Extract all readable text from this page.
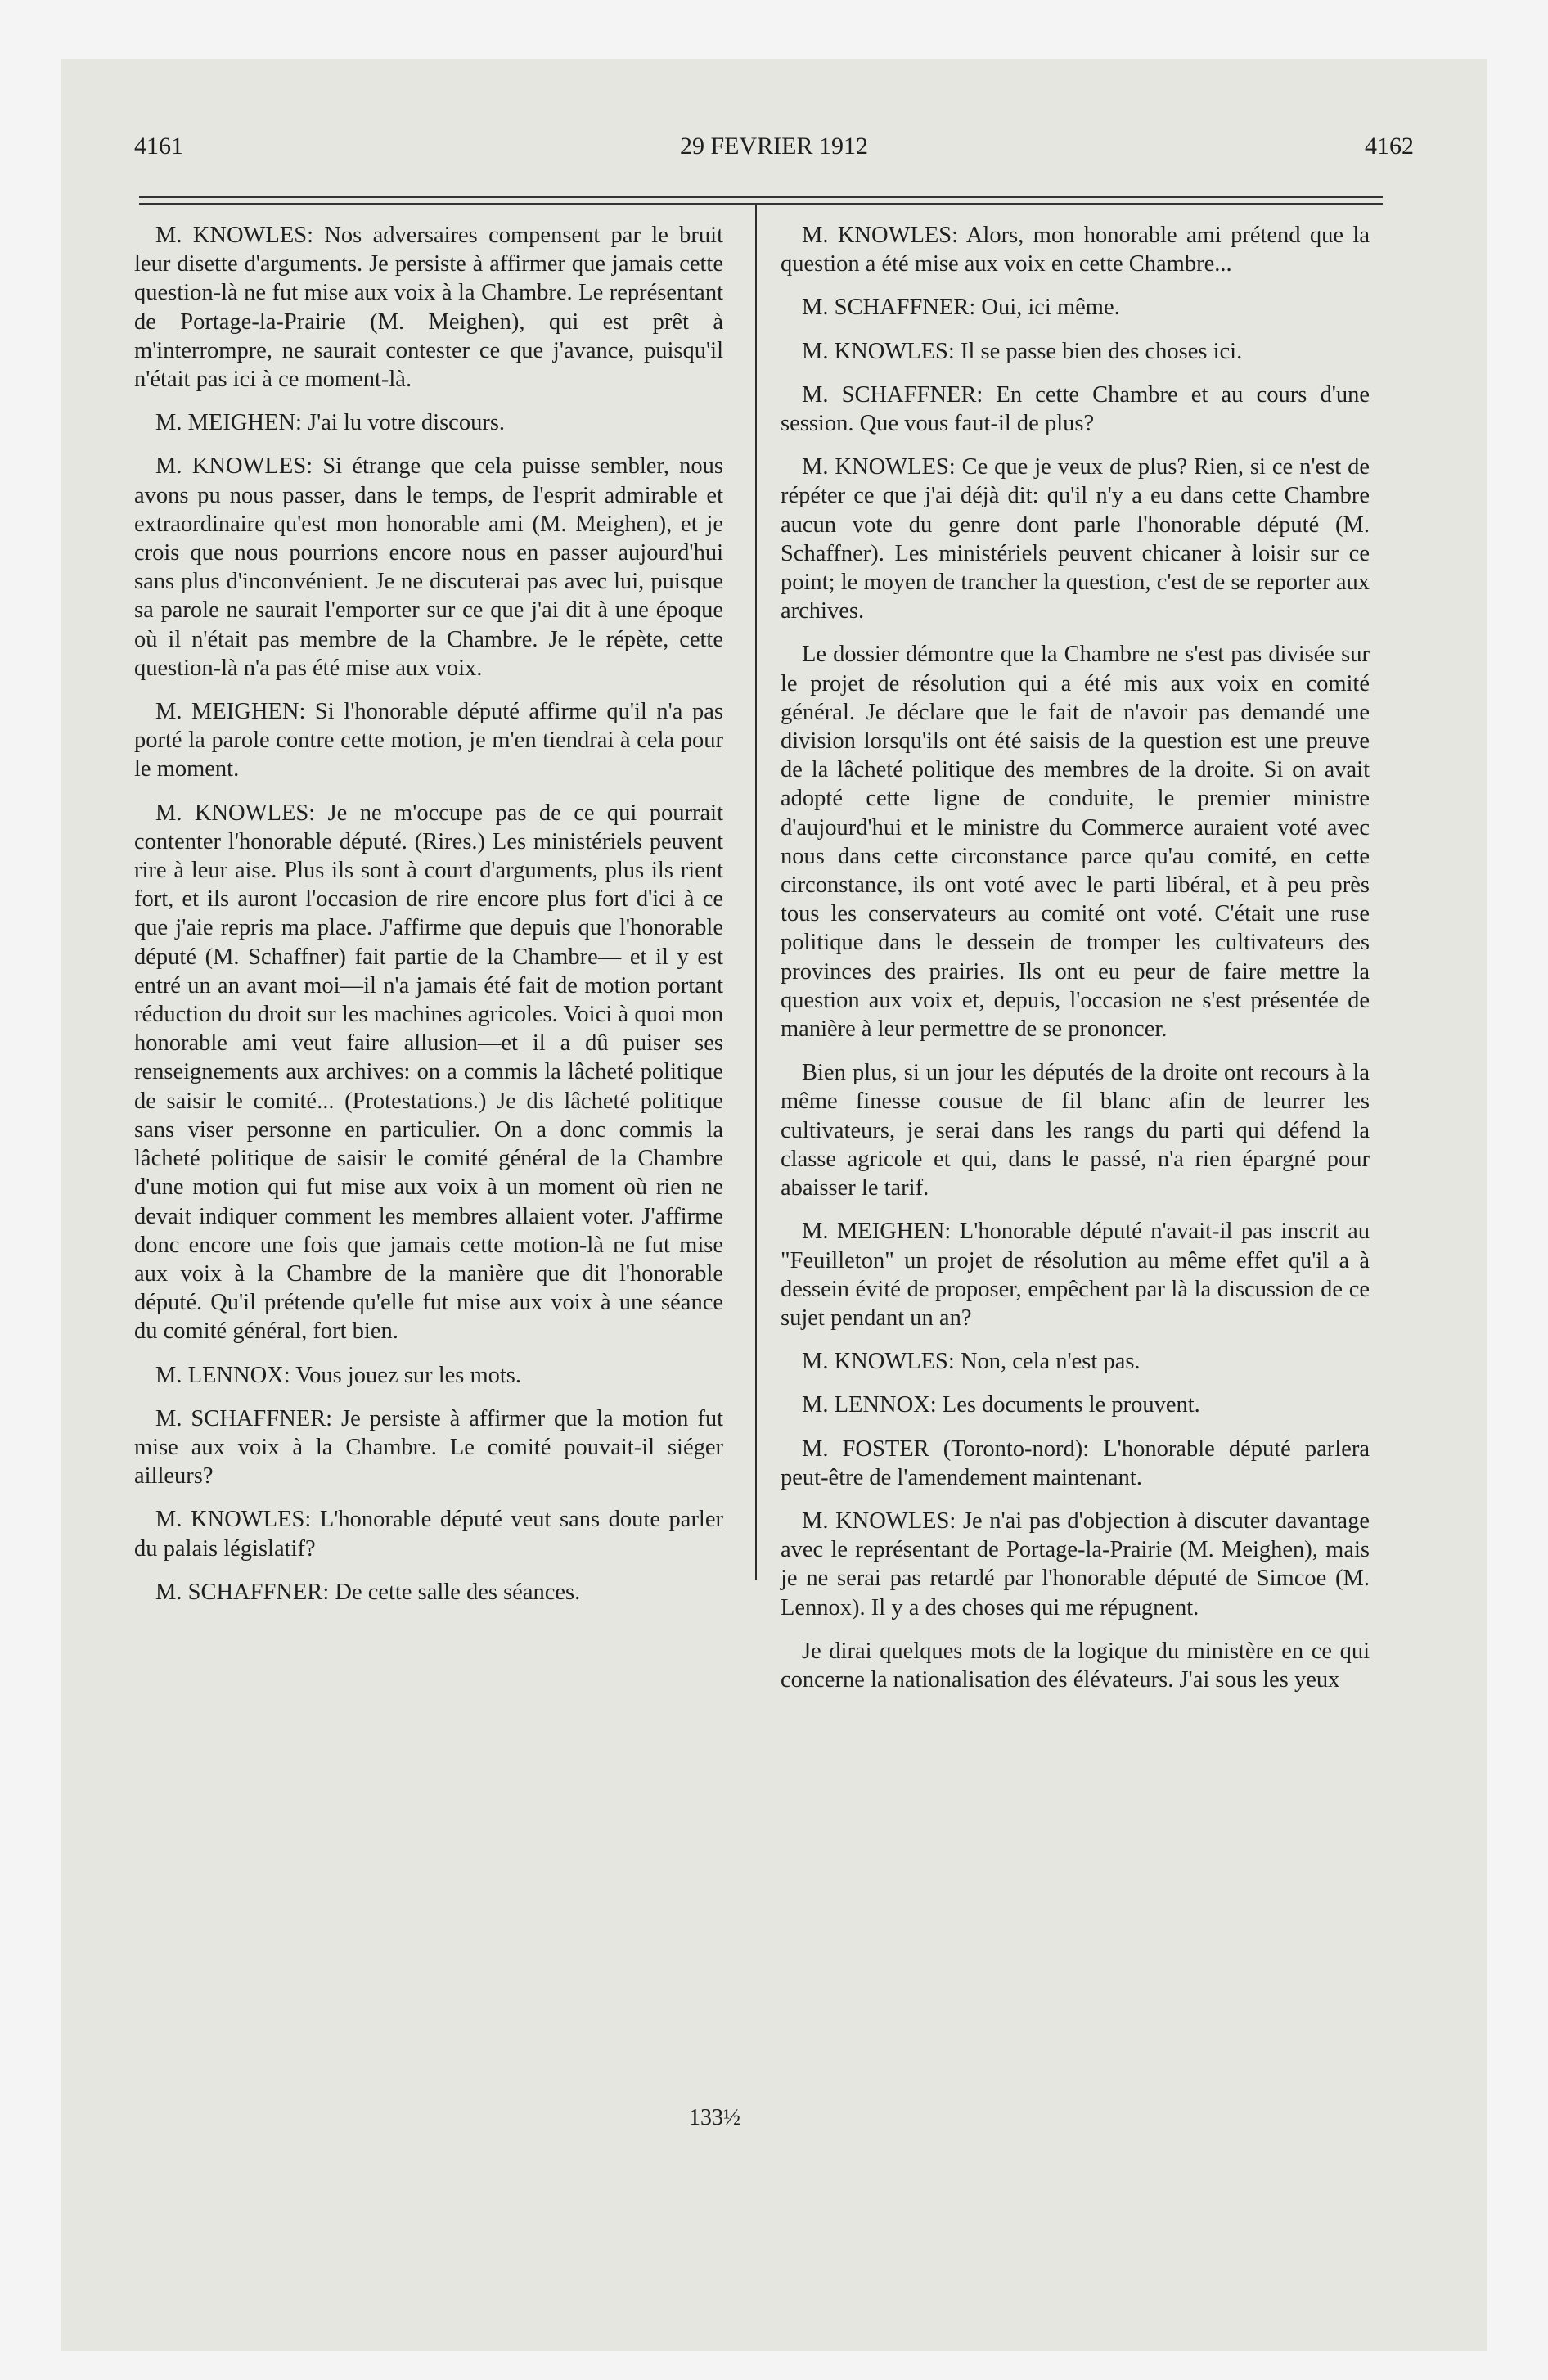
4161	29 FEVRIER 1912	4162

M. KNOWLES: Nos adversaires compensent par le bruit leur disette d'arguments. Je persiste à affirmer que jamais cette question-là ne fut mise aux voix à la Chambre. Le représentant de Portage-la-Prairie (M. Meighen), qui est prêt à m'interrompre, ne saurait contester ce que j'avance, puisqu'il n'était pas ici à ce moment-là.

M. MEIGHEN: J'ai lu votre discours.

M. KNOWLES: Si étrange que cela puisse sembler, nous avons pu nous passer, dans le temps, de l'esprit admirable et extraordinaire qu'est mon honorable ami (M. Meighen), et je crois que nous pourrions encore nous en passer aujourd'hui sans plus d'inconvénient. Je ne discuterai pas avec lui, puisque sa parole ne saurait l'emporter sur ce que j'ai dit à une époque où il n'était pas membre de la Chambre. Je le répète, cette question-là n'a pas été mise aux voix.

M. MEIGHEN: Si l'honorable député affirme qu'il n'a pas porté la parole contre cette motion, je m'en tiendrai à cela pour le moment.

M. KNOWLES: Je ne m'occupe pas de ce qui pourrait contenter l'honorable député. (Rires.) Les ministériels peuvent rire à leur aise. Plus ils sont à court d'arguments, plus ils rient fort, et ils auront l'occasion de rire encore plus fort d'ici à ce que j'aie repris ma place. J'affirme que depuis que l'honorable député (M. Schaffner) fait partie de la Chambre— et il y est entré un an avant moi—il n'a jamais été fait de motion portant réduction du droit sur les machines agricoles. Voici à quoi mon honorable ami veut faire allusion—et il a dû puiser ses renseignements aux archives: on a commis la lâcheté politique de saisir le comité... (Protestations.) Je dis lâcheté politique sans viser personne en particulier. On a donc commis la lâcheté politique de saisir le comité général de la Chambre d'une motion qui fut mise aux voix à un moment où rien ne devait indiquer comment les membres allaient voter. J'affirme donc encore une fois que jamais cette motion-là ne fut mise aux voix à la Chambre de la manière que dit l'honorable député. Qu'il prétende qu'elle fut mise aux voix à une séance du comité général, fort bien.

M. LENNOX: Vous jouez sur les mots.

M. SCHAFFNER: Je persiste à affirmer que la motion fut mise aux voix à la Chambre. Le comité pouvait-il siéger ailleurs?

M. KNOWLES: L'honorable député veut sans doute parler du palais législatif?

M. SCHAFFNER: De cette salle des séances.

M. KNOWLES: Alors, mon honorable ami prétend que la question a été mise aux voix en cette Chambre...

M. SCHAFFNER: Oui, ici même.

M. KNOWLES: Il se passe bien des choses ici.

M. SCHAFFNER: En cette Chambre et au cours d'une session. Que vous faut-il de plus?

M. KNOWLES: Ce que je veux de plus? Rien, si ce n'est de répéter ce que j'ai déjà dit: qu'il n'y a eu dans cette Chambre aucun vote du genre dont parle l'honorable député (M. Schaffner). Les ministériels peuvent chicaner à loisir sur ce point; le moyen de trancher la question, c'est de se reporter aux archives.

Le dossier démontre que la Chambre ne s'est pas divisée sur le projet de résolution qui a été mis aux voix en comité général. Je déclare que le fait de n'avoir pas demandé une division lorsqu'ils ont été saisis de la question est une preuve de la lâcheté politique des membres de la droite. Si on avait adopté cette ligne de conduite, le premier ministre d'aujourd'hui et le ministre du Commerce auraient voté avec nous dans cette circonstance parce qu'au comité, en cette circonstance, ils ont voté avec le parti libéral, et à peu près tous les conservateurs au comité ont voté. C'était une ruse politique dans le dessein de tromper les cultivateurs des provinces des prairies. Ils ont eu peur de faire mettre la question aux voix et, depuis, l'occasion ne s'est présentée de manière à leur permettre de se prononcer.

Bien plus, si un jour les députés de la droite ont recours à la même finesse cousue de fil blanc afin de leurrer les cultivateurs, je serai dans les rangs du parti qui défend la classe agricole et qui, dans le passé, n'a rien épargné pour abaisser le tarif.

M. MEIGHEN: L'honorable député n'avait-il pas inscrit au "Feuilleton" un projet de résolution au même effet qu'il a à dessein évité de proposer, empêchent par là la discussion de ce sujet pendant un an?

M. KNOWLES: Non, cela n'est pas.

M. LENNOX: Les documents le prouvent.

M. FOSTER (Toronto-nord): L'honorable député parlera peut-être de l'amendement maintenant.

M. KNOWLES: Je n'ai pas d'objection à discuter davantage avec le représentant de Portage-la-Prairie (M. Meighen), mais je ne serai pas retardé par l'honorable député de Simcoe (M. Lennox). Il y a des choses qui me répugnent.

Je dirai quelques mots de la logique du ministère en ce qui concerne la nationalisation des élévateurs. J'ai sous les yeux

133½
